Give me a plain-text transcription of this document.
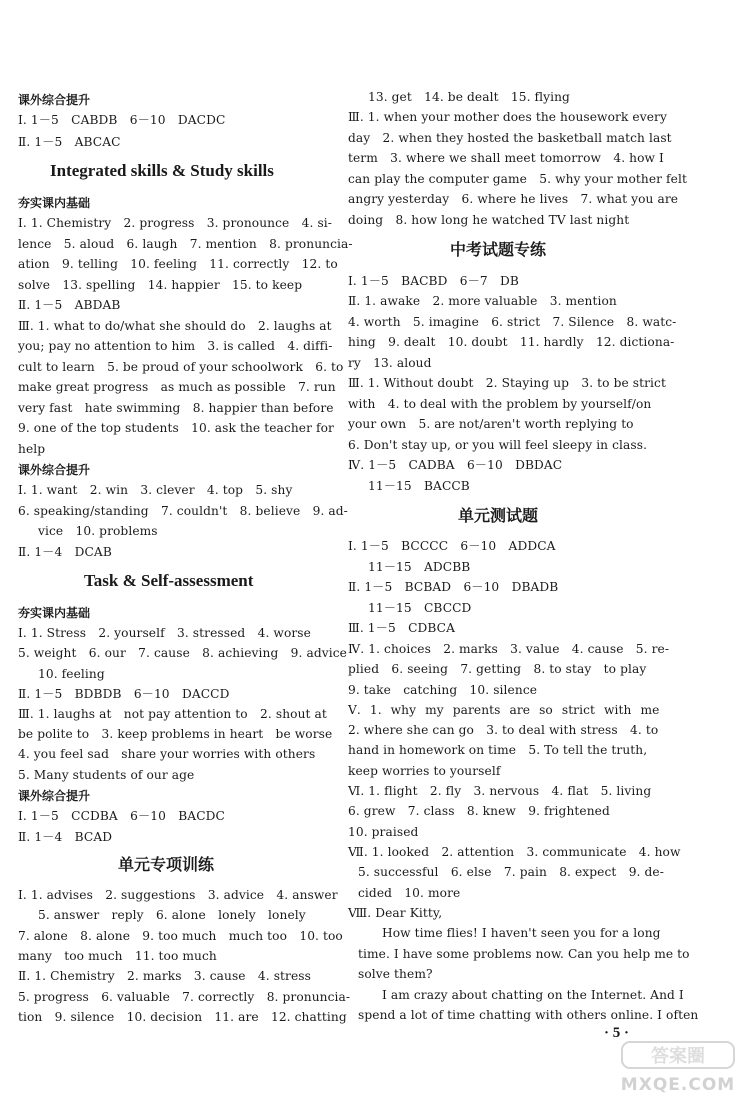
课外综合提升
Ⅰ. 1－5　CABDB　6－10　DACDC
Ⅱ. 1－5　ABCAC
Integrated skills & Study skills
夯实课内基础
Ⅰ. 1. Chemistry　2. progress　3. pronounce　4. si-
lence　5. aloud　6. laugh　7. mention　8. pronuncia-
ation　9. telling　10. feeling　11. correctly　12. to
solve　13. spelling　14. happier　15. to keep
Ⅱ. 1－5　ABDAB
Ⅲ. 1. what to do/what she should do　2. laughs at
you; pay no attention to him　3. is called　4. diffi-
cult to learn　5. be proud of your schoolwork　6. to
make great progress　as much as possible　7. run
very fast　hate swimming　8. happier than before
9. one of the top students　10. ask the teacher for
help
课外综合提升
Ⅰ. 1. want　2. win　3. clever　4. top　5. shy
6. speaking/standing　7. couldn't　8. believe　9. ad-
vice　10. problems
Ⅱ. 1－4　DCAB
Task & Self-assessment
夯实课内基础
Ⅰ. 1. Stress　2. yourself　3. stressed　4. worse
5. weight　6. our　7. cause　8. achieving　9. advice
10. feeling
Ⅱ. 1－5　BDBDB　6－10　DACCD
Ⅲ. 1. laughs at　not pay attention to　2. shout at
be polite to　3. keep problems in heart　be worse
4. you feel sad　share your worries with others
5. Many students of our age
课外综合提升
Ⅰ. 1－5　CCDBA　6－10　BACDC
Ⅱ. 1－4　BCAD
单元专项训练
Ⅰ. 1. advises　2. suggestions　3. advice　4. answer
5. answer　reply　6. alone　lonely　lonely
7. alone　8. alone　9. too much　much too　10. too
many　too much　11. too much
Ⅱ. 1. Chemistry　2. marks　3. cause　4. stress
5. progress　6. valuable　7. correctly　8. pronuncia-
tion　9. silence　10. decision　11. are　12. chatting
13. get　14. be dealt　15. flying
Ⅲ. 1. when your mother does the housework every
day　2. when they hosted the basketball match last
term　3. where we shall meet tomorrow　4. how I
can play the computer game　5. why your mother felt
angry yesterday　6. where he lives　7. what you are
doing　8. how long he watched TV last night
中考试题专练
Ⅰ. 1－5　BACBD　6－7　DB
Ⅱ. 1. awake　2. more valuable　3. mention
4. worth　5. imagine　6. strict　7. Silence　8. watc-
hing　9. dealt　10. doubt　11. hardly　12. dictiona-
ry　13. aloud
Ⅲ. 1. Without doubt　2. Staying up　3. to be strict
with　4. to deal with the problem by yourself/on
your own　5. are not/aren't worth replying to
6. Don't stay up, or you will feel sleepy in class.
Ⅳ. 1－5　CADBA　6－10　DBDAC
11－15　BACCB
单元测试题
Ⅰ. 1－5　BCCCC　6－10　ADDCA
11－15　ADCBB
Ⅱ. 1－5　BCBAD　6－10　DBADB
11－15　CBCCD
Ⅲ. 1－5　CDBCA
Ⅳ. 1. choices　2. marks　3. value　4. cause　5. re-
plied　6. seeing　7. getting　8. to stay　to play
9. take　catching　10. silence
Ⅴ. 1. why my parents are so strict with me
2. where she can go　3. to deal with stress　4. to
hand in homework on time　5. To tell the truth,
keep worries to yourself
Ⅵ. 1. flight　2. fly　3. nervous　4. flat　5. living
6. grew　7. class　8. knew　9. frightened
10. praised
Ⅶ. 1. looked　2. attention　3. communicate　4. how
5. successful　6. else　7. pain　8. expect　9. de-
cided　10. more
Ⅷ. Dear Kitty,
How time flies! I haven't seen you for a long
time. I have some problems now. Can you help me to
solve them?
I am crazy about chatting on the Internet. And I
spend a lot of time chatting with others online. I often
· 5 ·
答案圈
MXQE.COM
